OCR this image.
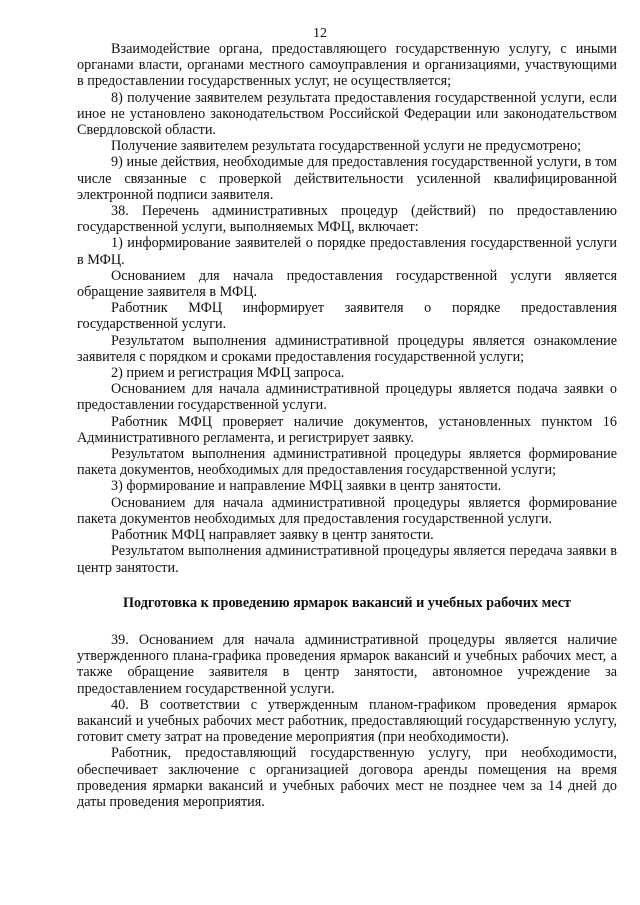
12

Взаимодействие органа, предоставляющего государственную услугу, с иными органами власти, органами местного самоуправления и организациями, участвующими в предоставлении государственных услуг, не осуществляется;

8) получение заявителем результата предоставления государственной услуги, если иное не установлено законодательством Российской Федерации или законодательством Свердловской области.

Получение заявителем результата государственной услуги не предусмотрено;

9) иные действия, необходимые для предоставления государственной услуги, в том числе связанные с проверкой действительности усиленной квалифицированной электронной подписи заявителя.

38. Перечень административных процедур (действий) по предоставлению государственной услуги, выполняемых МФЦ, включает:

1) информирование заявителей о порядке предоставления государственной услуги в МФЦ.

Основанием для начала предоставления государственной услуги является обращение заявителя в МФЦ.

Работник МФЦ информирует заявителя о порядке предоставления государственной услуги.

Результатом выполнения административной процедуры является ознакомление заявителя с порядком и сроками предоставления государственной услуги;

2) прием и регистрация МФЦ запроса.

Основанием для начала административной процедуры является подача заявки о предоставлении государственной услуги.

Работник МФЦ проверяет наличие документов, установленных пунктом 16 Административного регламента, и регистрирует заявку.

Результатом выполнения административной процедуры является формирование пакета документов, необходимых для предоставления государственной услуги;

3) формирование и направление МФЦ заявки в центр занятости.

Основанием для начала административной процедуры является формирование пакета документов необходимых для предоставления государственной услуги.

Работник МФЦ направляет заявку в центр занятости.

Результатом выполнения административной процедуры является передача заявки в центр занятости.

Подготовка к проведению ярмарок вакансий и учебных рабочих мест

39. Основанием для начала административной процедуры является наличие утвержденного плана-графика проведения ярмарок вакансий и учебных рабочих мест, а также обращение заявителя в центр занятости, автономное учреждение за предоставлением государственной услуги.

40. В соответствии с утвержденным планом-графиком проведения ярмарок вакансий и учебных рабочих мест работник, предоставляющий государственную услугу, готовит смету затрат на проведение мероприятия (при необходимости).

Работник, предоставляющий государственную услугу, при необходимости, обеспечивает заключение с организацией договора аренды помещения на время проведения ярмарки вакансий и учебных рабочих мест не позднее чем за 14 дней до даты проведения мероприятия.
